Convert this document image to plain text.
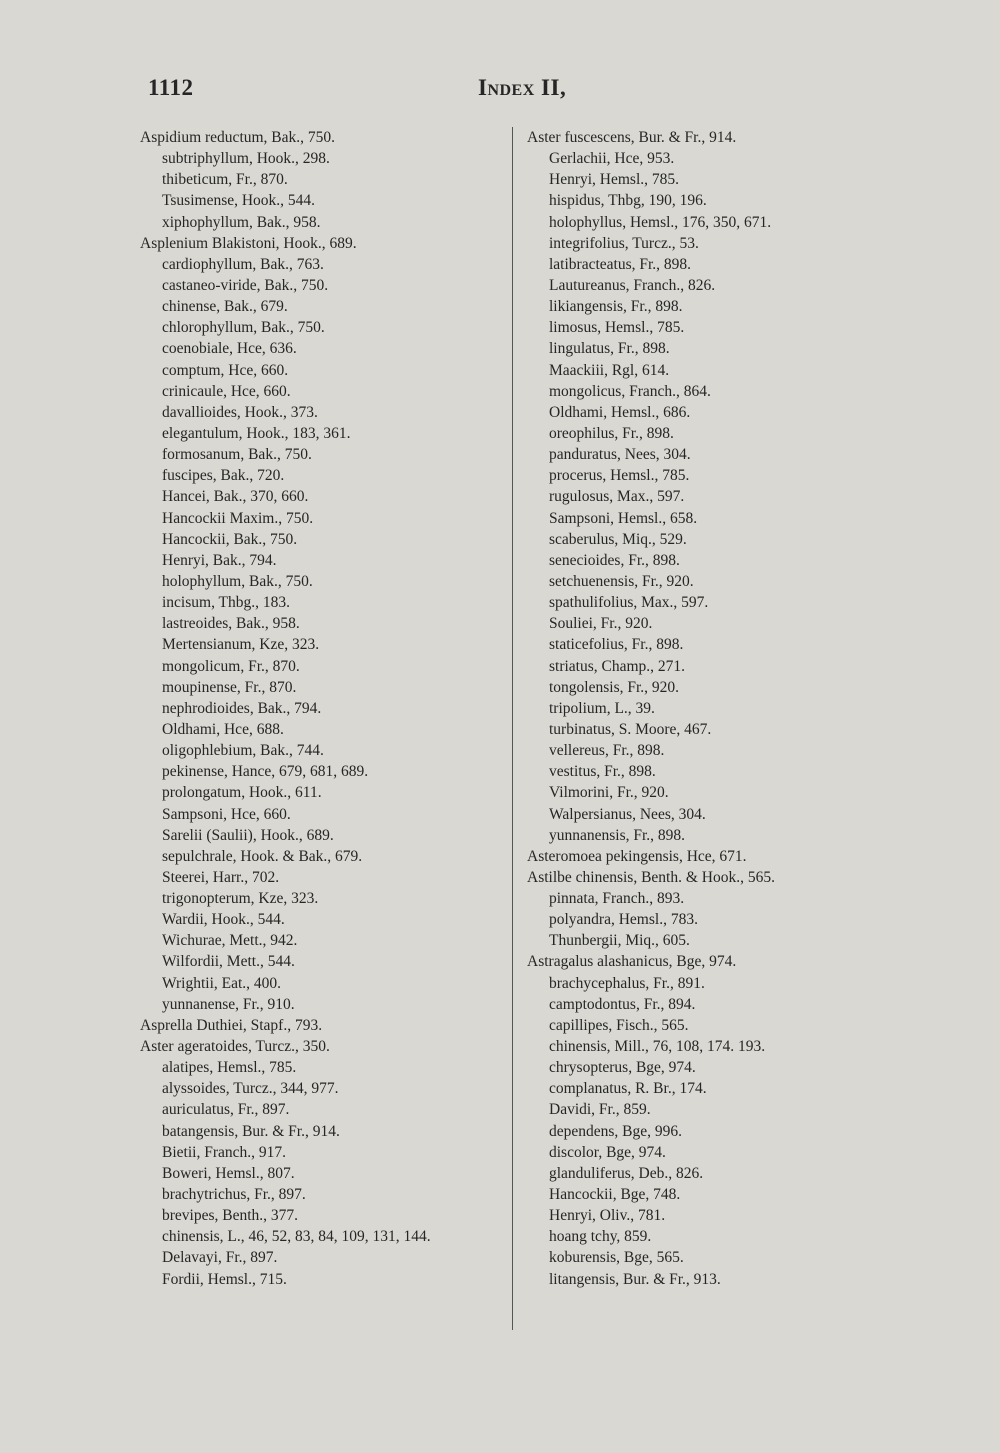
1112	Index II,
Aspidium reductum, Bak., 750.
subtriphyllum, Hook., 298.
thibeticum, Fr., 870.
Tsusimense, Hook., 544.
xiphophyllum, Bak., 958.
Asplenium Blakistoni, Hook., 689.
cardiophyllum, Bak., 763.
castaneo-viride, Bak., 750.
chinense, Bak., 679.
chlorophyllum, Bak., 750.
coenobiale, Hce, 636.
comptum, Hce, 660.
crinicaule, Hce, 660.
davallioides, Hook., 373.
elegantulum, Hook., 183, 361.
formosanum, Bak., 750.
fuscipes, Bak., 720.
Hancei, Bak., 370, 660.
Hancockii Maxim., 750.
Hancockii, Bak., 750.
Henryi, Bak., 794.
holophyllum, Bak., 750.
incisum, Thbg., 183.
lastreoides, Bak., 958.
Mertensianum, Kze, 323.
mongolicum, Fr., 870.
moupinense, Fr., 870.
nephrodioides, Bak., 794.
Oldhami, Hce, 688.
oligophlebium, Bak., 744.
pekinense, Hance, 679, 681, 689.
prolongatum, Hook., 611.
Sampsoni, Hce, 660.
Sarelii (Saulii), Hook., 689.
sepulchrale, Hook. & Bak., 679.
Steerei, Harr., 702.
trigonopterum, Kze, 323.
Wardii, Hook., 544.
Wichurae, Mett., 942.
Wilfordii, Mett., 544.
Wrightii, Eat., 400.
yunnanense, Fr., 910.
Asprella Duthiei, Stapf., 793.
Aster ageratoides, Turcz., 350.
alatipes, Hemsl., 785.
alyssoides, Turcz., 344, 977.
auriculatus, Fr., 897.
batangensis, Bur. & Fr., 914.
Bietii, Franch., 917.
Boweri, Hemsl., 807.
brachytrichus, Fr., 897.
brevipes, Benth., 377.
chinensis, L., 46, 52, 83, 84, 109, 131, 144.
Delavayi, Fr., 897.
Fordii, Hemsl., 715.
Aster fuscescens, Bur. & Fr., 914.
Gerlachii, Hce, 953.
Henryi, Hemsl., 785.
hispidus, Thbg, 190, 196.
holophyllus, Hemsl., 176, 350, 671.
integrifolius, Turcz., 53.
latibracteatus, Fr., 898.
Lautureanus, Franch., 826.
likiangensis, Fr., 898.
limosus, Hemsl., 785.
lingulatus, Fr., 898.
Maackiii, Rgl, 614.
mongolicus, Franch., 864.
Oldhami, Hemsl., 686.
oreophilus, Fr., 898.
panduratus, Nees, 304.
procerus, Hemsl., 785.
rugulosus, Max., 597.
Sampsoni, Hemsl., 658.
scaberulus, Miq., 529.
senecioides, Fr., 898.
setchuenensis, Fr., 920.
spathulifolius, Max., 597.
Souliei, Fr., 920.
staticefolius, Fr., 898.
striatus, Champ., 271.
tongolensis, Fr., 920.
tripolium, L., 39.
turbinatus, S. Moore, 467.
vellereus, Fr., 898.
vestitus, Fr., 898.
Vilmorini, Fr., 920.
Walpersianus, Nees, 304.
yunnanensis, Fr., 898.
Asteromoea pekingensis, Hce, 671.
Astilbe chinensis, Benth. & Hook., 565.
pinnata, Franch., 893.
polyandra, Hemsl., 783.
Thunbergii, Miq., 605.
Astragalus alashanicus, Bge, 974.
brachycephalus, Fr., 891.
camptodontus, Fr., 894.
capillipes, Fisch., 565.
chinensis, Mill., 76, 108, 174. 193.
chrysopterus, Bge, 974.
complanatus, R. Br., 174.
Davidi, Fr., 859.
dependens, Bge, 996.
discolor, Bge, 974.
glanduliferus, Deb., 826.
Hancockii, Bge, 748.
Henryi, Oliv., 781.
hoang tchy, 859.
koburensis, Bge, 565.
litangensis, Bur. & Fr., 913.
